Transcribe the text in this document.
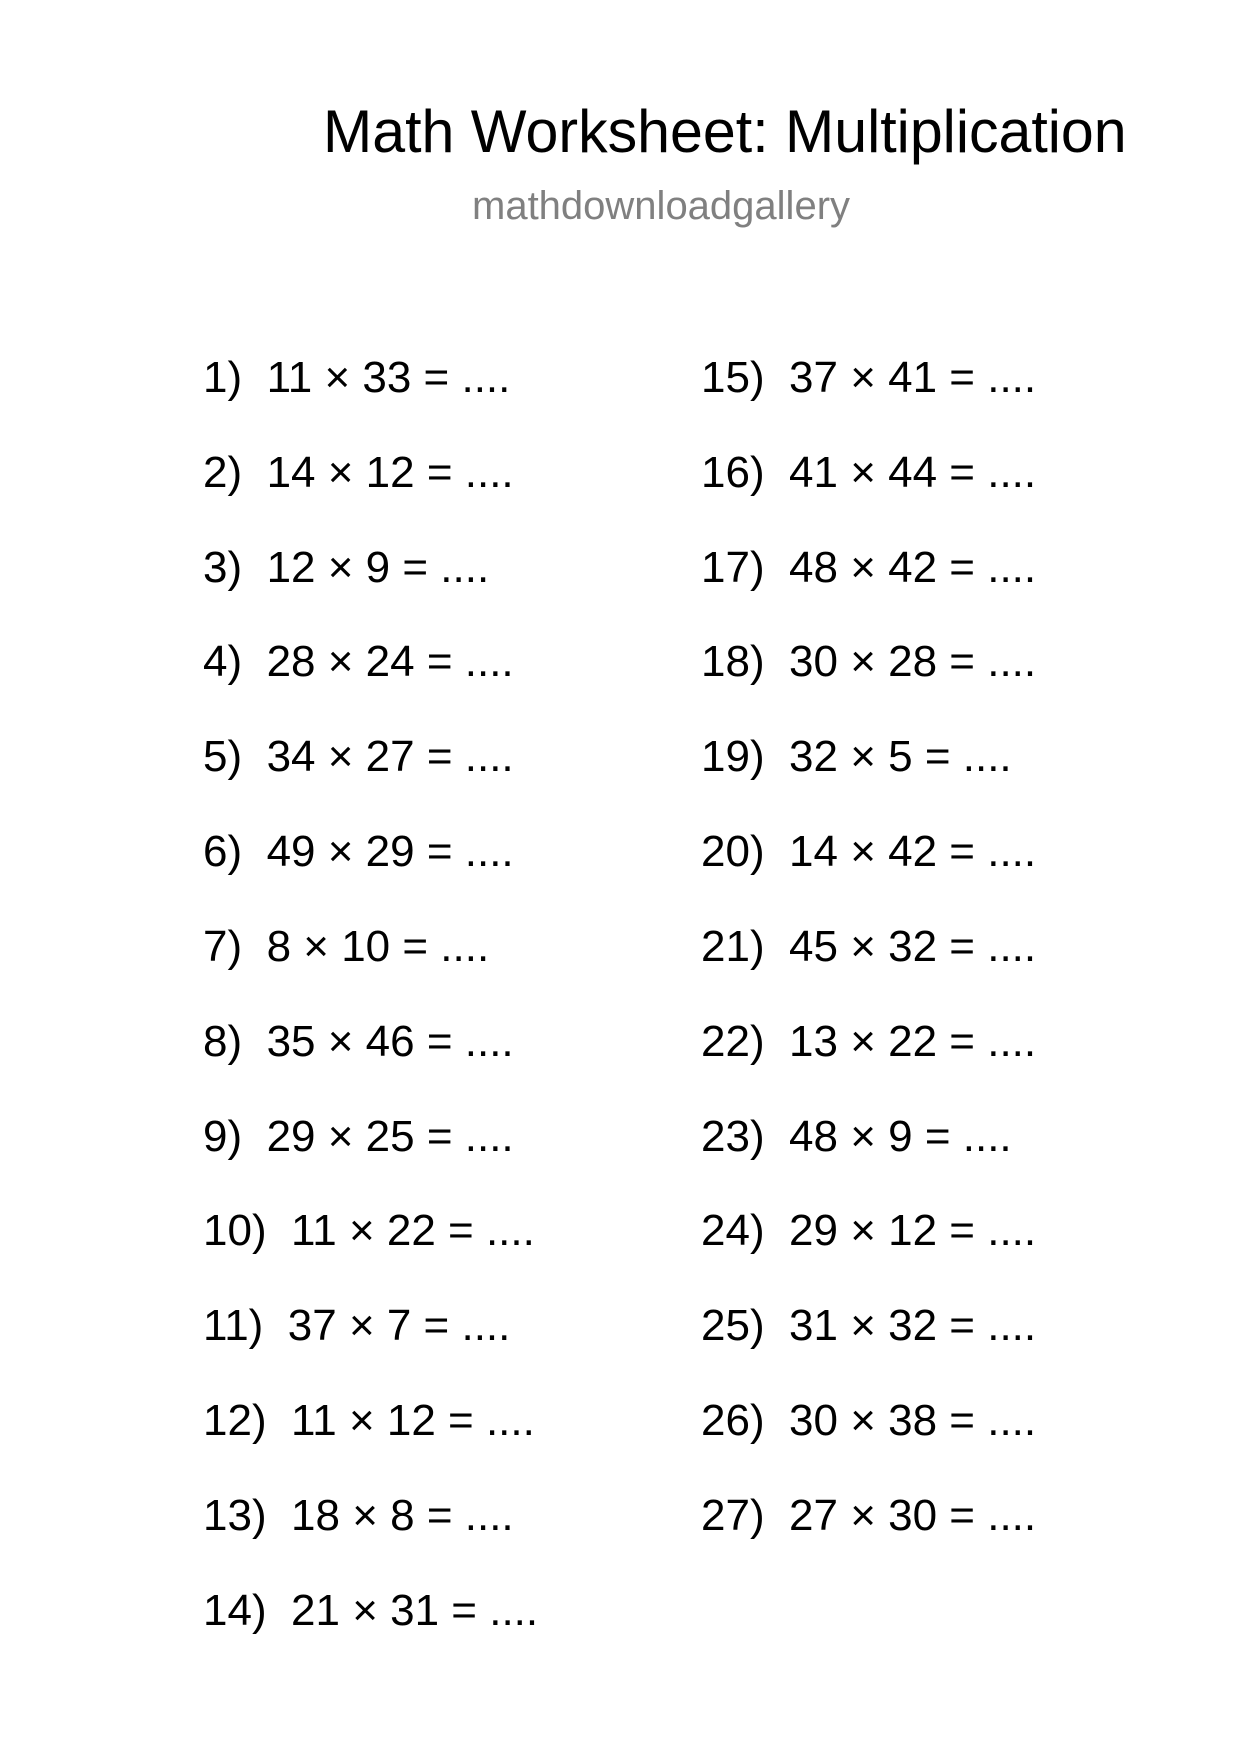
Math Worksheet: Multiplication
mathdownloadgallery
1)  11 × 33 = ....
2)  14 × 12 = ....
3)  12 × 9 = ....
4)  28 × 24 = ....
5)  34 × 27 = ....
6)  49 × 29 = ....
7)  8 × 10 = ....
8)  35 × 46 = ....
9)  29 × 25 = ....
10)  11 × 22 = ....
11)  37 × 7 = ....
12)  11 × 12 = ....
13)  18 × 8 = ....
14)  21 × 31 = ....
15)  37 × 41 = ....
16)  41 × 44 = ....
17)  48 × 42 = ....
18)  30 × 28 = ....
19)  32 × 5 = ....
20)  14 × 42 = ....
21)  45 × 32 = ....
22)  13 × 22 = ....
23)  48 × 9 = ....
24)  29 × 12 = ....
25)  31 × 32 = ....
26)  30 × 38 = ....
27)  27 × 30 = ....
